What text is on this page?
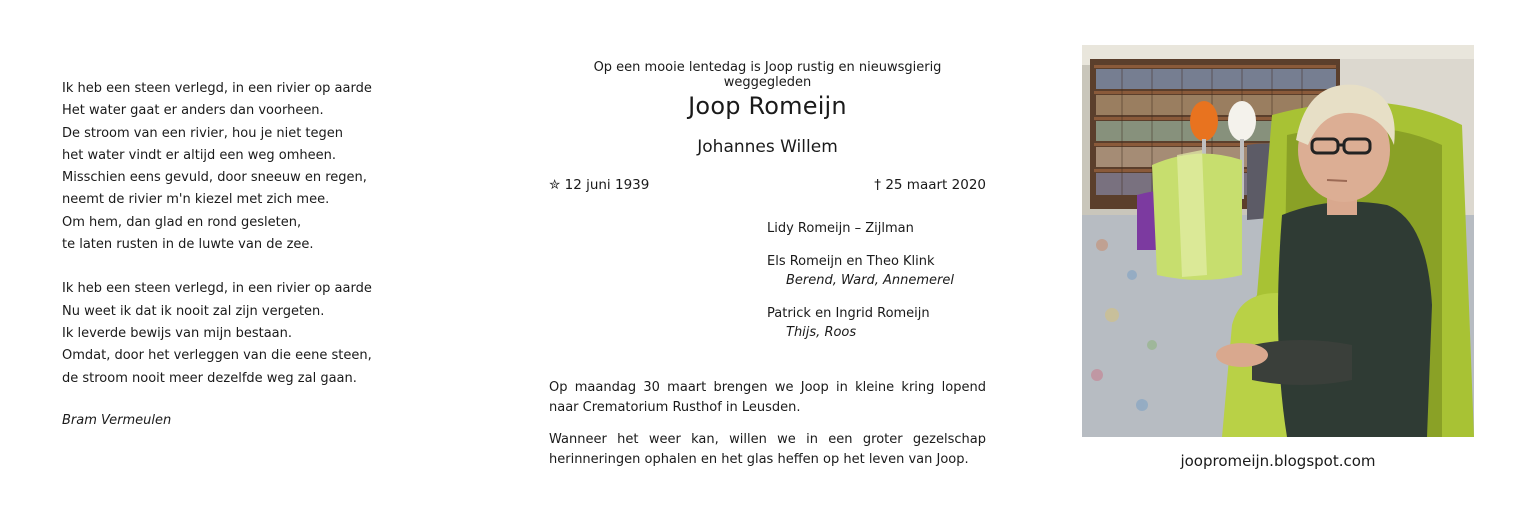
Ik heb een steen verlegd, in een rivier op aarde
Het water gaat er anders dan voorheen.
De stroom van een rivier, hou je niet tegen
het water vindt er altijd een weg omheen.
Misschien eens gevuld, door sneeuw en regen,
neemt de rivier m'n kiezel met zich mee.
Om hem, dan glad en rond gesleten,
te laten rusten in de luwte van de zee.
Ik heb een steen verlegd, in een rivier op aarde
Nu weet ik dat ik nooit zal zijn vergeten.
Ik leverde bewijs van mijn bestaan.
Omdat, door het verleggen van die eene steen,
de stroom nooit meer dezelfde weg zal gaan.
Bram Vermeulen
Op een mooie lentedag is Joop rustig en nieuwsgierig weggegleden
Joop Romeijn
Johannes Willem
✮ 12 juni 1939	† 25 maart 2020
Lidy Romeijn – Zijlman
Els Romeijn en Theo Klink
Berend, Ward, Annemerel
Patrick en Ingrid Romeijn
Thijs, Roos
Op maandag 30 maart brengen we Joop in kleine kring lopend naar Crematorium Rusthof in Leusden.
Wanneer het weer kan, willen we in een groter gezelschap herinneringen ophalen en het glas heffen op het leven van Joop.	joopromeijn.blogspot.com
